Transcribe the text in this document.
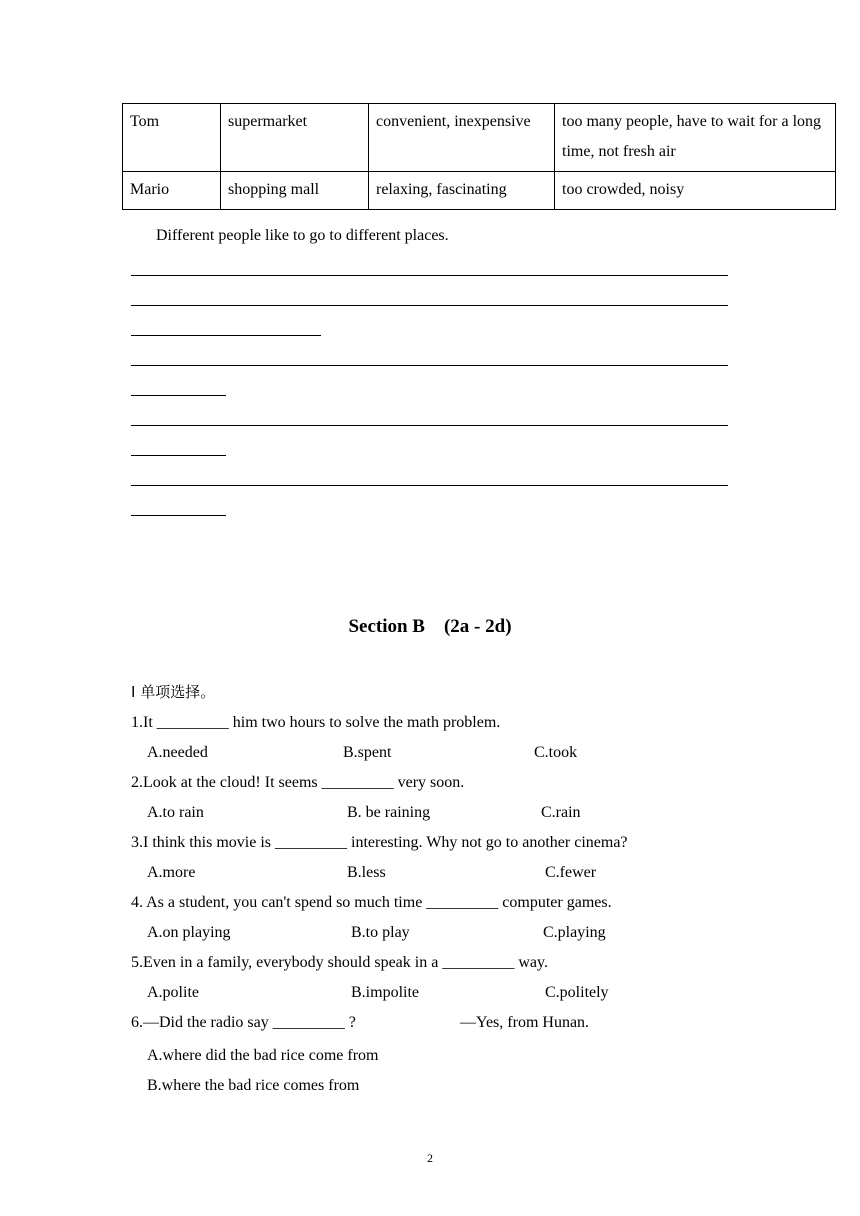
Tom	supermarket	convenient, inexpensive	too many people, have to wait for a long time, not fresh air
Mario	shopping mall	relaxing, fascinating	too crowded, noisy
Different people like to go to different places.
Section B    (2a - 2d)
I 单项选择。
1.It _________ him two hours to solve the math problem.
A.needed	B.spent	C.took
2.Look at the cloud! It seems _________ very soon.
A.to rain	B. be raining	C.rain
3.I think this movie is _________ interesting. Why not go to another cinema?
A.more	B.less	C.fewer
4. As a student, you can't spend so much time _________ computer games.
A.on playing	B.to play	C.playing
5.Even in a family, everybody should speak in a _________ way.
A.polite	B.impolite	C.politely
6.—Did the radio say _________ ?	—Yes, from Hunan.
A.where did the bad rice come from
B.where the bad rice comes from
2
